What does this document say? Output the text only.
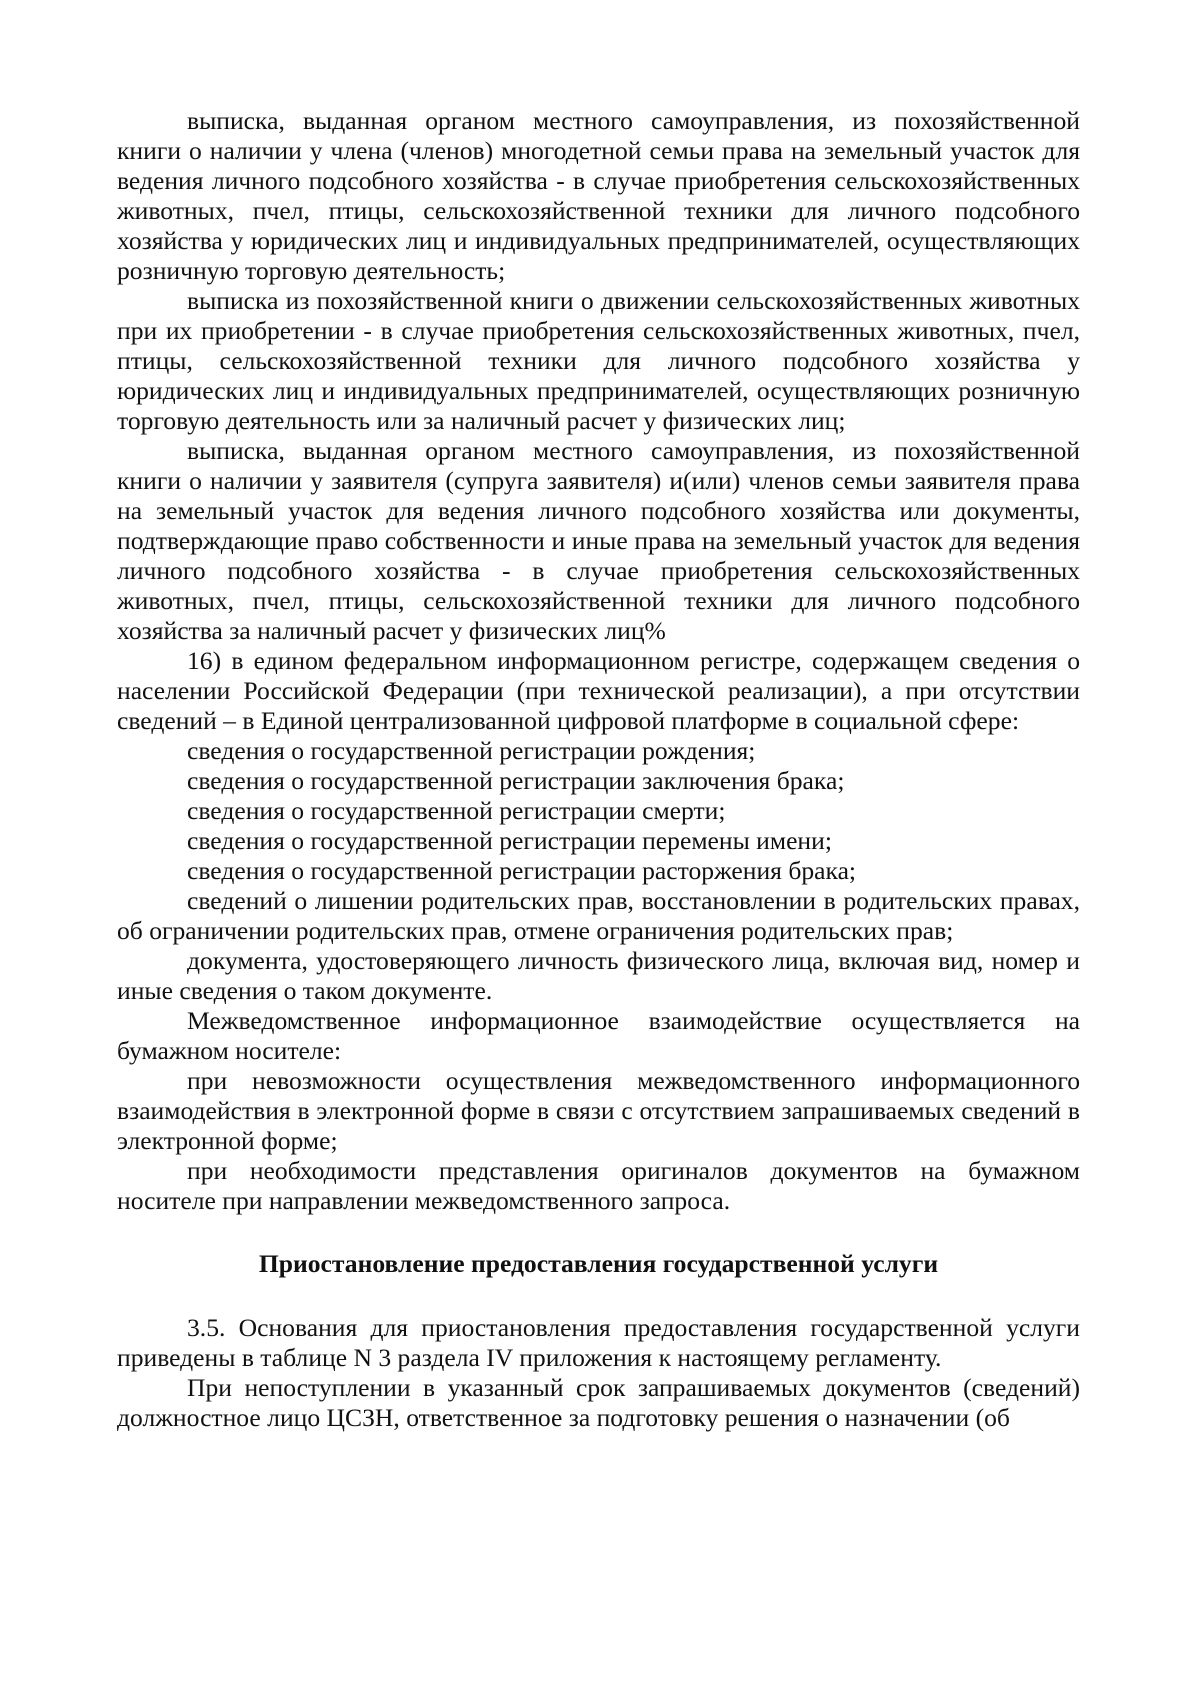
выписка, выданная органом местного самоуправления, из похозяйственной книги о наличии у члена (членов) многодетной семьи права на земельный участок для ведения личного подсобного хозяйства - в случае приобретения сельскохозяйственных животных, пчел, птицы, сельскохозяйственной техники для личного подсобного хозяйства у юридических лиц и индивидуальных предпринимателей, осуществляющих розничную торговую деятельность;

выписка из похозяйственной книги о движении сельскохозяйственных животных при их приобретении - в случае приобретения сельскохозяйственных животных, пчел, птицы, сельскохозяйственной техники для личного подсобного хозяйства у юридических лиц и индивидуальных предпринимателей, осуществляющих розничную торговую деятельность или за наличный расчет у физических лиц;

выписка, выданная органом местного самоуправления, из похозяйственной книги о наличии у заявителя (супруга заявителя) и(или) членов семьи заявителя права на земельный участок для ведения личного подсобного хозяйства или документы, подтверждающие право собственности и иные права на земельный участок для ведения личного подсобного хозяйства - в случае приобретения сельскохозяйственных животных, пчел, птицы, сельскохозяйственной техники для личного подсобного хозяйства за наличный расчет у физических лиц%

16) в едином федеральном информационном регистре, содержащем сведения о населении Российской Федерации (при технической реализации), а при отсутствии сведений – в Единой централизованной цифровой платформе в социальной сфере:

сведения о государственной регистрации рождения;

сведения о государственной регистрации заключения брака;

сведения о государственной регистрации смерти;

сведения о государственной регистрации перемены имени;

сведения о государственной регистрации расторжения брака;

сведений о лишении родительских прав, восстановлении в родительских правах, об ограничении родительских прав, отмене ограничения родительских прав;

документа, удостоверяющего личность физического лица, включая вид, номер и иные сведения о таком документе.

Межведомственное информационное взаимодействие осуществляется на бумажном носителе:

при невозможности осуществления межведомственного информационного взаимодействия в электронной форме в связи с отсутствием запрашиваемых сведений в электронной форме;

при необходимости представления оригиналов документов на бумажном носителе при направлении межведомственного запроса.

Приостановление предоставления государственной услуги

3.5. Основания для приостановления предоставления государственной услуги приведены в таблице N 3 раздела IV приложения к настоящему регламенту.

При непоступлении в указанный срок запрашиваемых документов (сведений) должностное лицо ЦСЗН, ответственное за подготовку решения о назначении (об
